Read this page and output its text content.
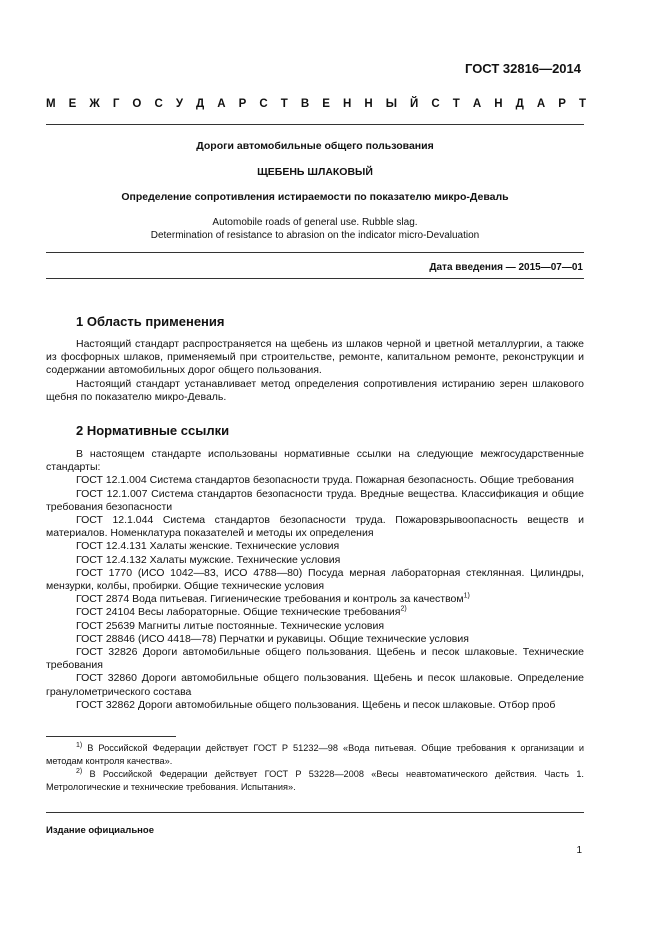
ГОСТ 32816—2014
М Е Ж Г О С У Д А Р С Т В Е Н Н Ы Й С Т А Н Д А Р Т
Дороги автомобильные общего пользования
ЩЕБЕНЬ ШЛАКОВЫЙ
Определение сопротивления истираемости по показателю микро-Деваль
Automobile roads of general use. Rubble slag.
Determination of resistance to abrasion on the indicator micro-Devaluation
Дата введения — 2015—07—01
1 Область применения

Настоящий стандарт распространяется на щебень из шлаков черной и цветной металлургии, а также из фосфорных шлаков, применяемый при строительстве, ремонте, капитальном ремонте, реконструкции и содержании автомобильных дорог общего пользования.

Настоящий стандарт устанавливает метод определения сопротивления истиранию зерен шлакового щебня по показателю микро-Деваль.

2 Нормативные ссылки

В настоящем стандарте использованы нормативные ссылки на следующие межгосударственные стандарты:

ГОСТ 12.1.004 Система стандартов безопасности труда. Пожарная безопасность. Общие требования

ГОСТ 12.1.007 Система стандартов безопасности труда. Вредные вещества. Классификация и общие требования безопасности

ГОСТ 12.1.044 Система стандартов безопасности труда. Пожаровзрывоопасность веществ и материалов. Номенклатура показателей и методы их определения

ГОСТ 12.4.131 Халаты женские. Технические условия

ГОСТ 12.4.132 Халаты мужские. Технические условия

ГОСТ 1770 (ИСО 1042—83, ИСО 4788—80) Посуда мерная лабораторная стеклянная. Цилиндры, мензурки, колбы, пробирки. Общие технические условия

ГОСТ 2874 Вода питьевая. Гигиенические требования и контроль за качеством$^{1)}$

ГОСТ 24104 Весы лабораторные. Общие технические требования$^{2)}$

ГОСТ 25639 Магниты литые постоянные. Технические условия

ГОСТ 28846 (ИСО 4418—78) Перчатки и рукавицы. Общие технические условия

ГОСТ 32826 Дороги автомобильные общего пользования. Щебень и песок шлаковые. Технические требования

ГОСТ 32860 Дороги автомобильные общего пользования. Щебень и песок шлаковые. Определение гранулометрического состава

ГОСТ 32862 Дороги автомобильные общего пользования. Щебень и песок шлаковые. Отбор проб

$^{1)}$ В Российской Федерации действует ГОСТ Р 51232—98 «Вода питьевая. Общие требования к организации и методам контроля качества».

$^{2)}$ В Российской Федерации действует ГОСТ Р 53228—2008 «Весы неавтоматического действия. Часть 1. Метрологические и технические требования. Испытания».

Издание официальное
1
